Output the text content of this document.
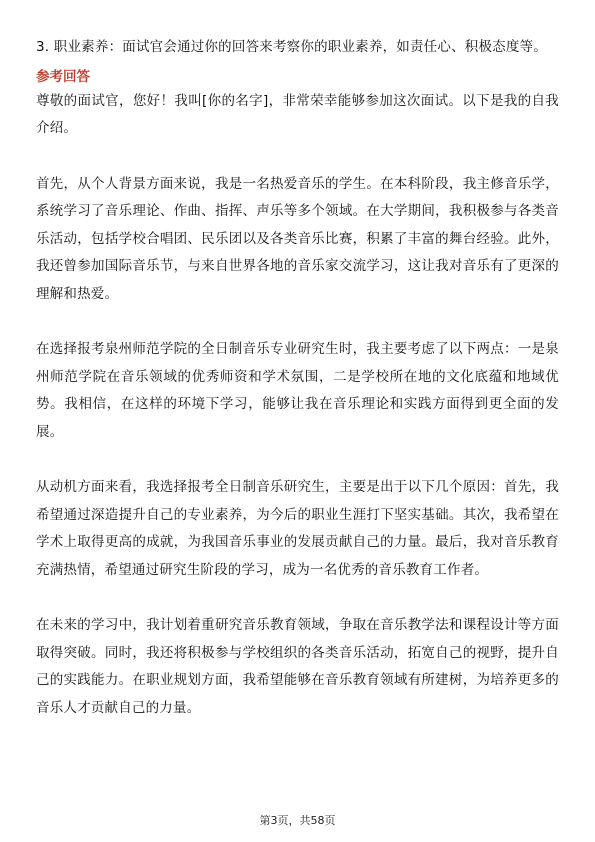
3. 职业素养：面试官会通过你的回答来考察你的职业素养，如责任心、积极态度等。

参考回答

尊敬的面试官，您好！我叫[你的名字]，非常荣幸能够参加这次面试。以下是我的自我介绍。

首先，从个人背景方面来说，我是一名热爱音乐的学生。在本科阶段，我主修音乐学，系统学习了音乐理论、作曲、指挥、声乐等多个领域。在大学期间，我积极参与各类音乐活动，包括学校合唱团、民乐团以及各类音乐比赛，积累了丰富的舞台经验。此外，我还曾参加国际音乐节，与来自世界各地的音乐家交流学习，这让我对音乐有了更深的理解和热爱。

在选择报考泉州师范学院的全日制音乐专业研究生时，我主要考虑了以下两点：一是泉州师范学院在音乐领域的优秀师资和学术氛围，二是学校所在地的文化底蕴和地域优势。我相信，在这样的环境下学习，能够让我在音乐理论和实践方面得到更全面的发展。

从动机方面来看，我选择报考全日制音乐研究生，主要是出于以下几个原因：首先，我希望通过深造提升自己的专业素养，为今后的职业生涯打下坚实基础。其次，我希望在学术上取得更高的成就，为我国音乐事业的发展贡献自己的力量。最后，我对音乐教育充满热情，希望通过研究生阶段的学习，成为一名优秀的音乐教育工作者。

在未来的学习中，我计划着重研究音乐教育领域，争取在音乐教学法和课程设计等方面取得突破。同时，我还将积极参与学校组织的各类音乐活动，拓宽自己的视野，提升自己的实践能力。在职业规划方面，我希望能够在音乐教育领域有所建树，为培养更多的音乐人才贡献自己的力量。

第3页，共58页
